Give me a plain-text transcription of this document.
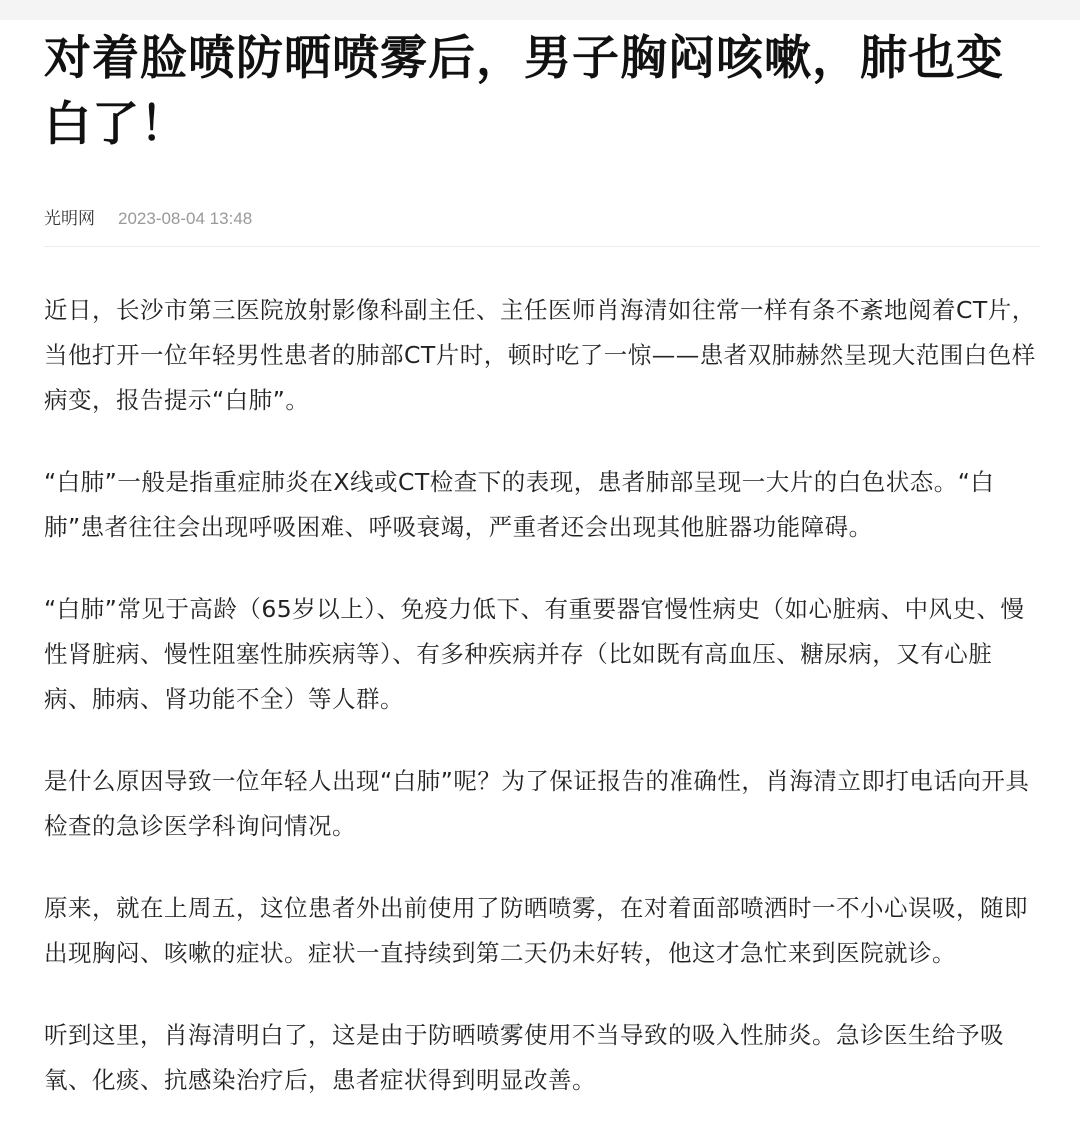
对着脸喷防晒喷雾后，男子胸闷咳嗽，肺也变白了！
光明网 2023-08-04 13:48

近日，长沙市第三医院放射影像科副主任、主任医师肖海清如往常一样有条不紊地阅着CT片，当他打开一位年轻男性患者的肺部CT片时，顿时吃了一惊——患者双肺赫然呈现大范围白色样病变，报告提示“白肺”。

“白肺”一般是指重症肺炎在X线或CT检查下的表现，患者肺部呈现一大片的白色状态。“白肺”患者往往会出现呼吸困难、呼吸衰竭，严重者还会出现其他脏器功能障碍。

“白肺”常见于高龄（65岁以上）、免疫力低下、有重要器官慢性病史（如心脏病、中风史、慢性肾脏病、慢性阻塞性肺疾病等）、有多种疾病并存（比如既有高血压、糖尿病，又有心脏病、肺病、肾功能不全）等人群。

是什么原因导致一位年轻人出现“白肺”呢？为了保证报告的准确性，肖海清立即打电话向开具检查的急诊医学科询问情况。

原来，就在上周五，这位患者外出前使用了防晒喷雾，在对着面部喷洒时一不小心误吸，随即出现胸闷、咳嗽的症状。症状一直持续到第二天仍未好转，他这才急忙来到医院就诊。

听到这里，肖海清明白了，这是由于防晒喷雾使用不当导致的吸入性肺炎。急诊医生给予吸氧、化痰、抗感染治疗后，患者症状得到明显改善。
